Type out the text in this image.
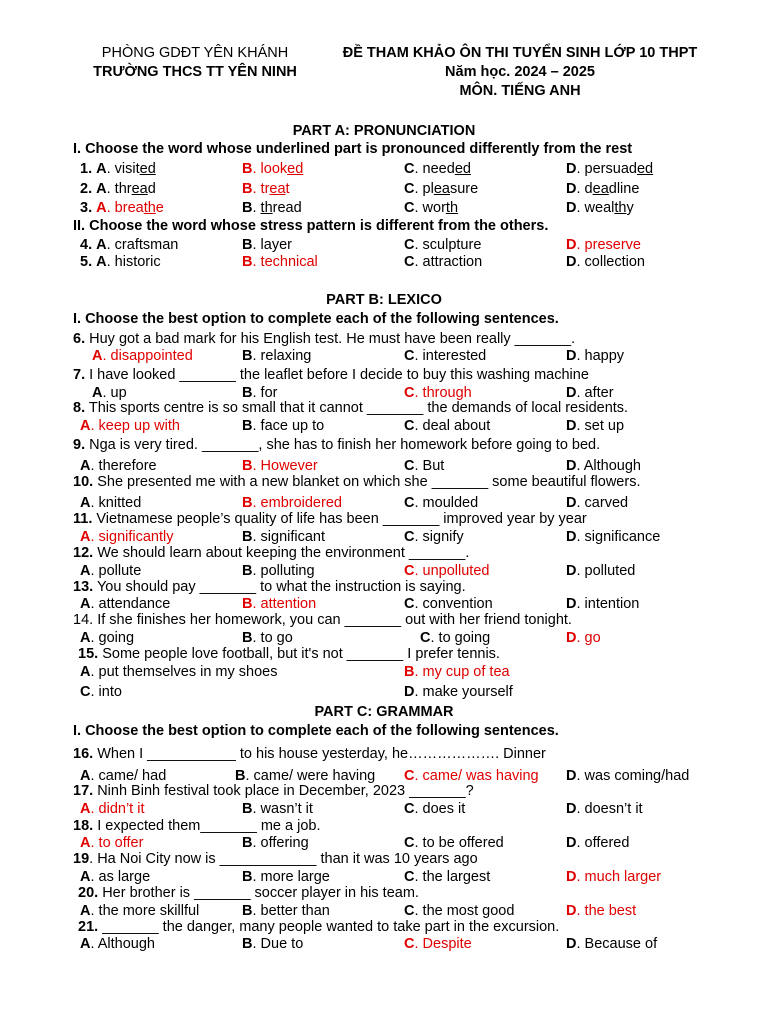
PHÒNG GDĐT YÊN KHÁNH
TRƯỜNG THCS TT YÊN NINH
ĐỀ THAM KHẢO ÔN THI TUYỂN SINH LỚP 10 THPT
Năm học. 2024 – 2025
MÔN. TIẾNG ANH
PART A: PRONUNCIATION
I. Choose the word whose underlined part is pronounced differently from the rest
1. A. visited	B. looked	C. needed	D. persuaded
2. A. thread	B. treat	C. pleasure	D. deadline
3. A. breathe	B. thread	C. worth	D. wealthy
II. Choose the word whose stress pattern is different from the others.
4. A. craftsman	B. layer	C. sculpture	D. preserve
5. A. historic	B. technical	C. attraction	D. collection
PART B: LEXICO
I. Choose the best option to complete each of the following sentences.
6. Huy got a bad mark for his English test. He must have been really _______.
A. disappointed	B. relaxing	C. interested	D. happy
7. I have looked _______ the leaflet before I decide to buy this washing machine
A. up	B. for	C. through	D. after
8. This sports centre is so small that it cannot _______ the demands of local residents.
A. keep up with	B. face up to	C. deal about	D. set up
9. Nga is very tired. _______, she has to finish her homework before going to bed.
A. therefore	B. However	C. But	D. Although
10. She presented me with a new blanket on which she _______ some beautiful flowers.
A. knitted	B. embroidered	C. moulded	D. carved
11. Vietnamese people’s quality of life has been _______ improved year by year
A. significantly	B. significant	C. signify	D. significance
12. We should learn about keeping the environment _______.
A. pollute	B. polluting	C. unpolluted	D. polluted
13. You should pay _______ to what the instruction is saying.
A. attendance	B. attention	C. convention	D. intention
14. If she finishes her homework, you can _______ out with her friend tonight.
A. going	B. to go	C. to going	D. go
15. Some people love football, but it's not _______ I prefer tennis.
A. put themselves in my shoes	B. my cup of tea
C. into	D. make yourself
PART C: GRAMMAR
I. Choose the best option to complete each of the following sentences.
16. When I ___________ to his house yesterday, he………………. Dinner
A. came/ had	B. came/ were having C. came/ was having D. was coming/had
17. Ninh Binh festival took place in December, 2023 _______?
A. didn’t it	B. wasn’t it	C. does it	D. doesn’t it
18. I expected them_______ me a job.
A. to offer	B. offering	C. to be offered	D. offered
19. Ha Noi City now is ____________ than it was 10 years ago
A. as large	B. more large	C. the largest	D. much larger
20. Her brother is _______ soccer player in his team.
A. the more skillful	B. better than	C. the most good	D. the best
21. _______ the danger, many people wanted to take part in the excursion.
A. Although	B. Due to	C. Despite	D. Because of
